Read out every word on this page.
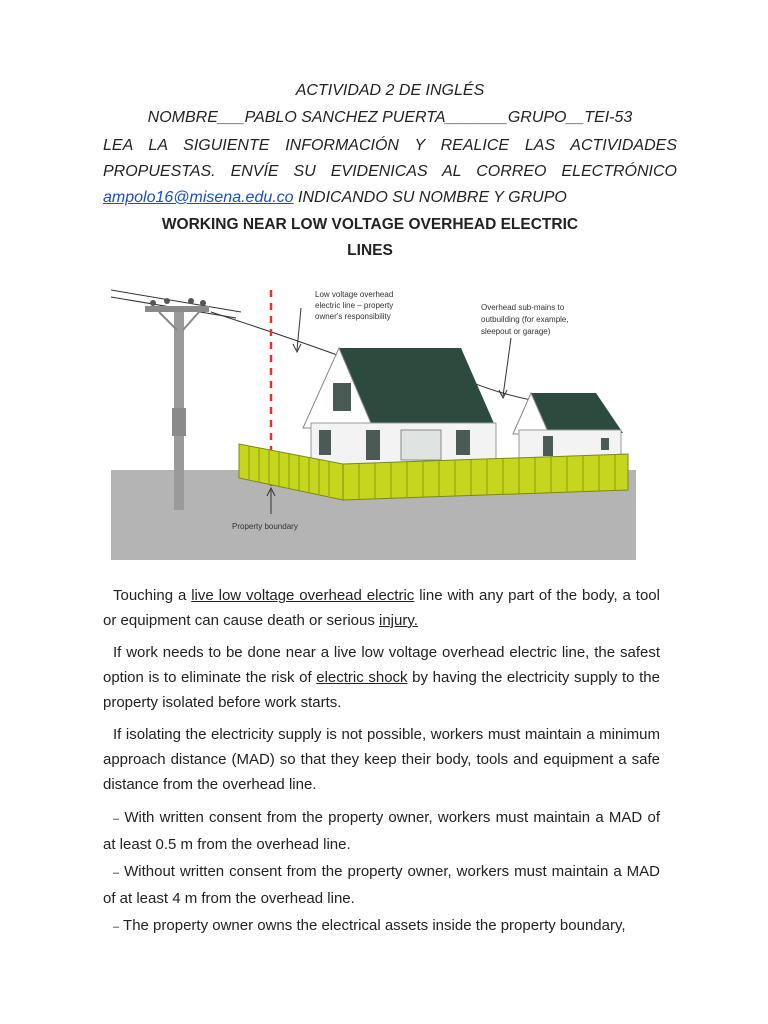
ACTIVIDAD 2 DE INGLÉS
NOMBRE___PABLO SANCHEZ PUERTA_______GRUPO__TEI-53
LEA LA SIGUIENTE INFORMACIÓN Y REALICE LAS ACTIVIDADES
PROPUESTAS. ENVÍE SU EVIDENICAS AL CORREO ELECTRÓNICO
ampolo16@misena.edu.co INDICANDO SU NOMBRE Y GRUPO
WORKING NEAR LOW VOLTAGE OVERHEAD ELECTRIC
LINES
Low voltage overhead
electric line – property
owner's responsibility
Overhead sub-mains to
outbuilding (for example,
sleepout or garage)
Property boundary
Touching a live low voltage overhead electric line with any part of the body, a tool or equipment can cause death or serious injury.
If work needs to be done near a live low voltage overhead electric line, the safest option is to eliminate the risk of electric shock by having the electricity supply to the property isolated before work starts.
If isolating the electricity supply is not possible, workers must maintain a minimum approach distance (MAD) so that they keep their body, tools and equipment a safe distance from the overhead line.
– With written consent from the property owner, workers must maintain a MAD of at least 0.5 m from the overhead line.
– Without written consent from the property owner, workers must maintain a MAD of at least 4 m from the overhead line.
– The property owner owns the electrical assets inside the property boundary,
